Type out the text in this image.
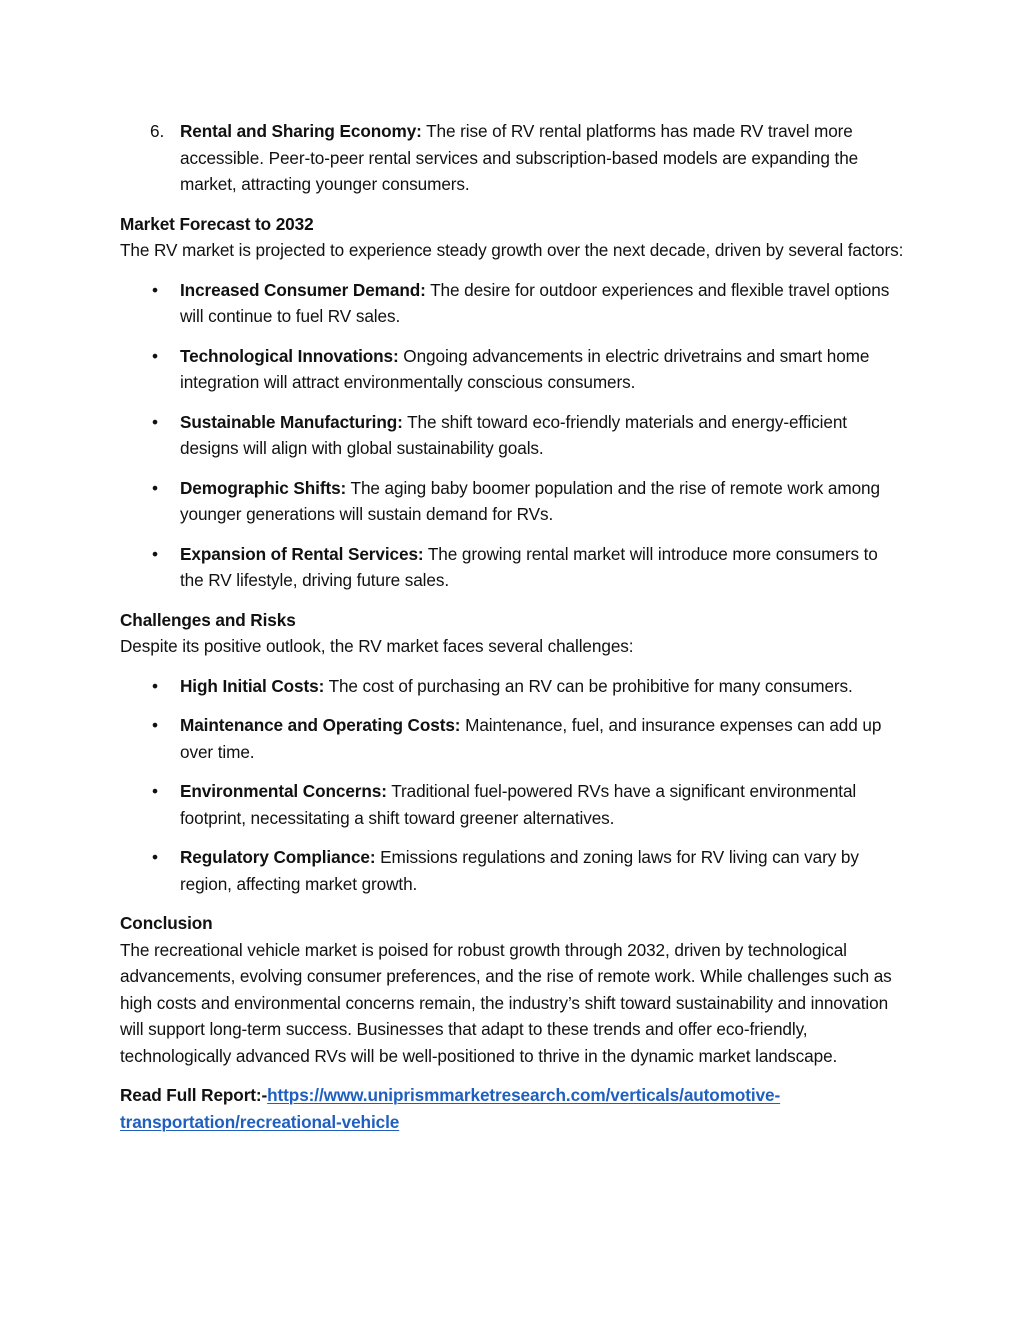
6. Rental and Sharing Economy: The rise of RV rental platforms has made RV travel more accessible. Peer-to-peer rental services and subscription-based models are expanding the market, attracting younger consumers.

Market Forecast to 2032

The RV market is projected to experience steady growth over the next decade, driven by several factors:

• Increased Consumer Demand: The desire for outdoor experiences and flexible travel options will continue to fuel RV sales.
• Technological Innovations: Ongoing advancements in electric drivetrains and smart home integration will attract environmentally conscious consumers.
• Sustainable Manufacturing: The shift toward eco-friendly materials and energy-efficient designs will align with global sustainability goals.
• Demographic Shifts: The aging baby boomer population and the rise of remote work among younger generations will sustain demand for RVs.
• Expansion of Rental Services: The growing rental market will introduce more consumers to the RV lifestyle, driving future sales.

Challenges and Risks

Despite its positive outlook, the RV market faces several challenges:

• High Initial Costs: The cost of purchasing an RV can be prohibitive for many consumers.
• Maintenance and Operating Costs: Maintenance, fuel, and insurance expenses can add up over time.
• Environmental Concerns: Traditional fuel-powered RVs have a significant environmental footprint, necessitating a shift toward greener alternatives.
• Regulatory Compliance: Emissions regulations and zoning laws for RV living can vary by region, affecting market growth.

Conclusion

The recreational vehicle market is poised for robust growth through 2032, driven by technological advancements, evolving consumer preferences, and the rise of remote work. While challenges such as high costs and environmental concerns remain, the industry’s shift toward sustainability and innovation will support long-term success. Businesses that adapt to these trends and offer eco-friendly, technologically advanced RVs will be well-positioned to thrive in the dynamic market landscape.

Read Full Report:-https://www.uniprismmarketresearch.com/verticals/automotive-transportation/recreational-vehicle
